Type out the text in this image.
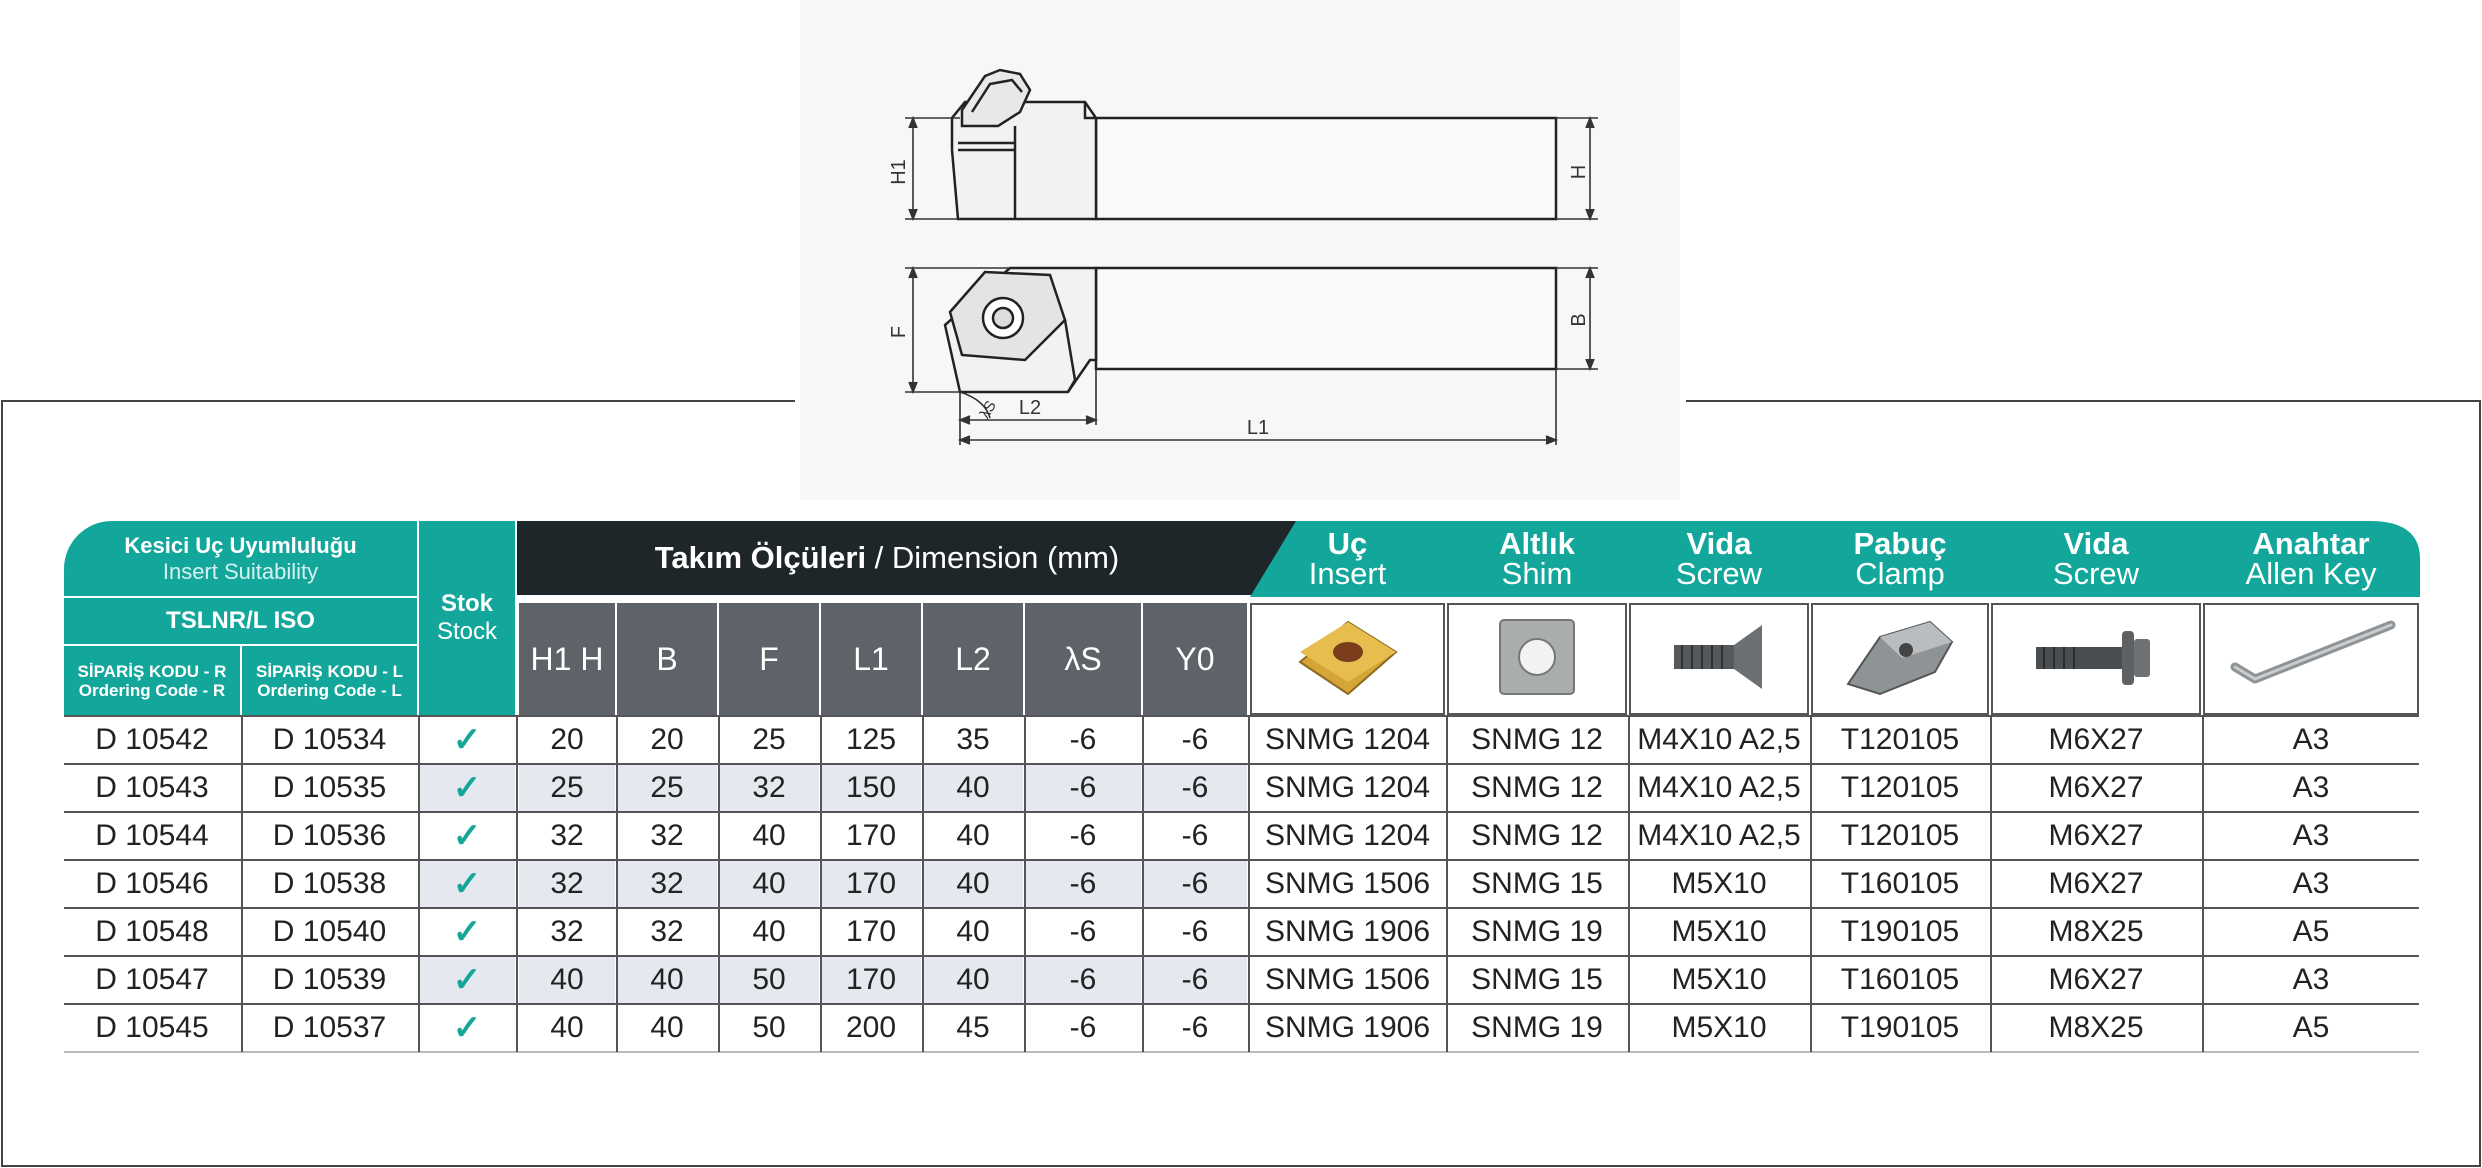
H1	H
F
B
L2
L1
λS
Kesici Uç Uyumluluğu
Insert Suitability
TSLNR/L ISO
SİPARİŞ KODU - R
Ordering Code - R
SİPARİŞ KODU - L
Ordering Code - L
Stok
Stock
Takım Ölçüleri / Dimension (mm)
H1 H	B	F	L1	L2	λS	Y0
Uç
Insert
Altlık
Shim
Vida
Screw
Pabuç
Clamp
Vida
Screw
Anahtar
Allen Key
D 10542	D 10534	✓	20	20	25	125	35	-6	-6	SNMG 1204	SNMG 12	M4X10 A2,5	T120105	M6X27	A3
D 10543	D 10535	✓	25	25	32	150	40	-6	-6	SNMG 1204	SNMG 12	M4X10 A2,5	T120105	M6X27	A3
D 10544	D 10536	✓	32	32	40	170	40	-6	-6	SNMG 1204	SNMG 12	M4X10 A2,5	T120105	M6X27	A3
D 10546	D 10538	✓	32	32	40	170	40	-6	-6	SNMG 1506	SNMG 15	M5X10	T160105	M6X27	A3
D 10548	D 10540	✓	32	32	40	170	40	-6	-6	SNMG 1906	SNMG 19	M5X10	T190105	M8X25	A5
D 10547	D 10539	✓	40	40	50	170	40	-6	-6	SNMG 1506	SNMG 15	M5X10	T160105	M6X27	A3
D 10545	D 10537	✓	40	40	50	200	45	-6	-6	SNMG 1906	SNMG 19	M5X10	T190105	M8X25	A5
